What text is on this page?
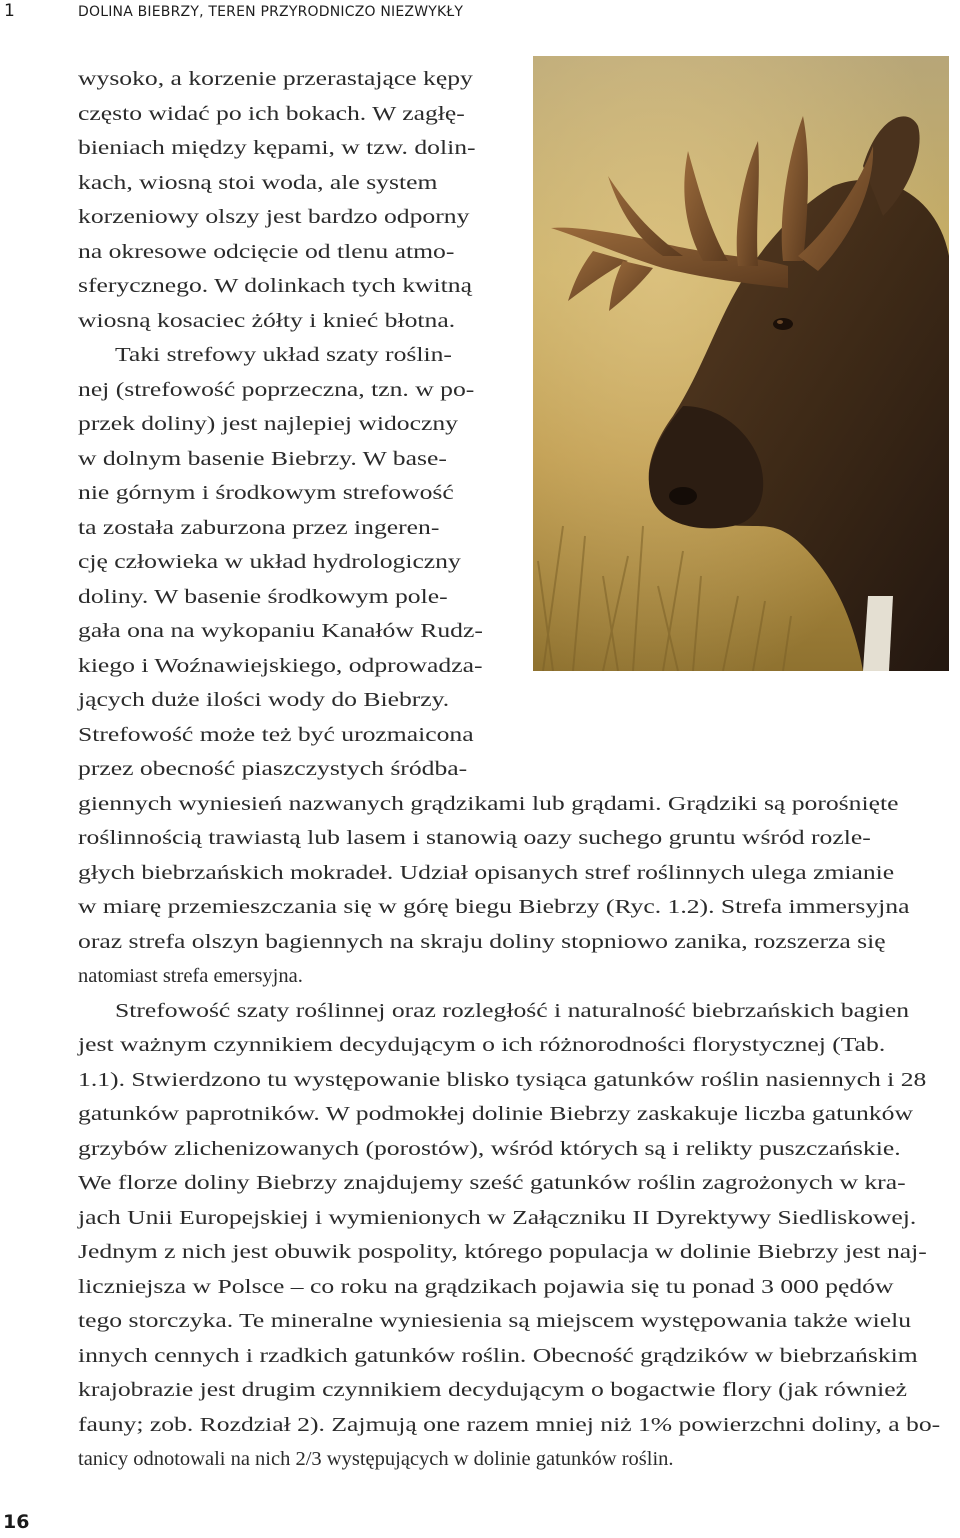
1	DOLINA BIEBRZY, TEREN PRZYRODNICZO NIEZWYKŁY
wysoko, a korzenie przerastające kępy
często widać po ich bokach. W zagłę-
bieniach między kępami, w tzw. dolin-
kach, wiosną stoi woda, ale system
korzeniowy olszy jest bardzo odporny
na okresowe odcięcie od tlenu atmo-
sferycznego. W dolinkach tych kwitną
wiosną kosaciec żółty i knieć błotna.
Taki strefowy układ szaty roślin-
nej (strefowość poprzeczna, tzn. w po-
przek doliny) jest najlepiej widoczny
w dolnym basenie Biebrzy. W base-
nie górnym i środkowym strefowość
ta została zaburzona przez ingeren-
cję człowieka w układ hydrologiczny
doliny. W basenie środkowym pole-
gała ona na wykopaniu Kanałów Rudz-
kiego i Woźnawiejskiego, odprowadza-
jących duże ilości wody do Biebrzy.
Strefowość może też być urozmaicona
przez obecność piaszczystych śródba-
giennych wyniesień nazwanych grądzikami lub grądami. Grądziki są porośnięte
roślinnością trawiastą lub lasem i stanowią oazy suchego gruntu wśród rozle-
głych biebrzańskich mokradeł. Udział opisanych stref roślinnych ulega zmianie
w miarę przemieszczania się w górę biegu Biebrzy (Ryc. 1.2). Strefa immersyjna
oraz strefa olszyn bagiennych na skraju doliny stopniowo zanika, rozszerza się
natomiast strefa emersyjna.
Strefowość szaty roślinnej oraz rozległość i naturalność biebrzańskich bagien
jest ważnym czynnikiem decydującym o ich różnorodności florystycznej (Tab.
1.1). Stwierdzono tu występowanie blisko tysiąca gatunków roślin nasiennych i 28
gatunków paprotników. W podmokłej dolinie Biebrzy zaskakuje liczba gatunków
grzybów zlichenizowanych (porostów), wśród których są i relikty puszczańskie.
We florze doliny Biebrzy znajdujemy sześć gatunków roślin zagrożonych w kra-
jach Unii Europejskiej i wymienionych w Załączniku II Dyrektywy Siedliskowej.
Jednym z nich jest obuwik pospolity, którego populacja w dolinie Biebrzy jest naj-
liczniejsza w Polsce – co roku na grądzikach pojawia się tu ponad 3 000 pędów
tego storczyka. Te mineralne wyniesienia są miejscem występowania także wielu
innych cennych i rzadkich gatunków roślin. Obecność grądzików w biebrzańskim
krajobrazie jest drugim czynnikiem decydującym o bogactwie flory (jak również
fauny; zob. Rozdział 2). Zajmują one razem mniej niż 1% powierzchni doliny, a bo-
tanicy odnotowali na nich 2/3 występujących w dolinie gatunków roślin.
16
